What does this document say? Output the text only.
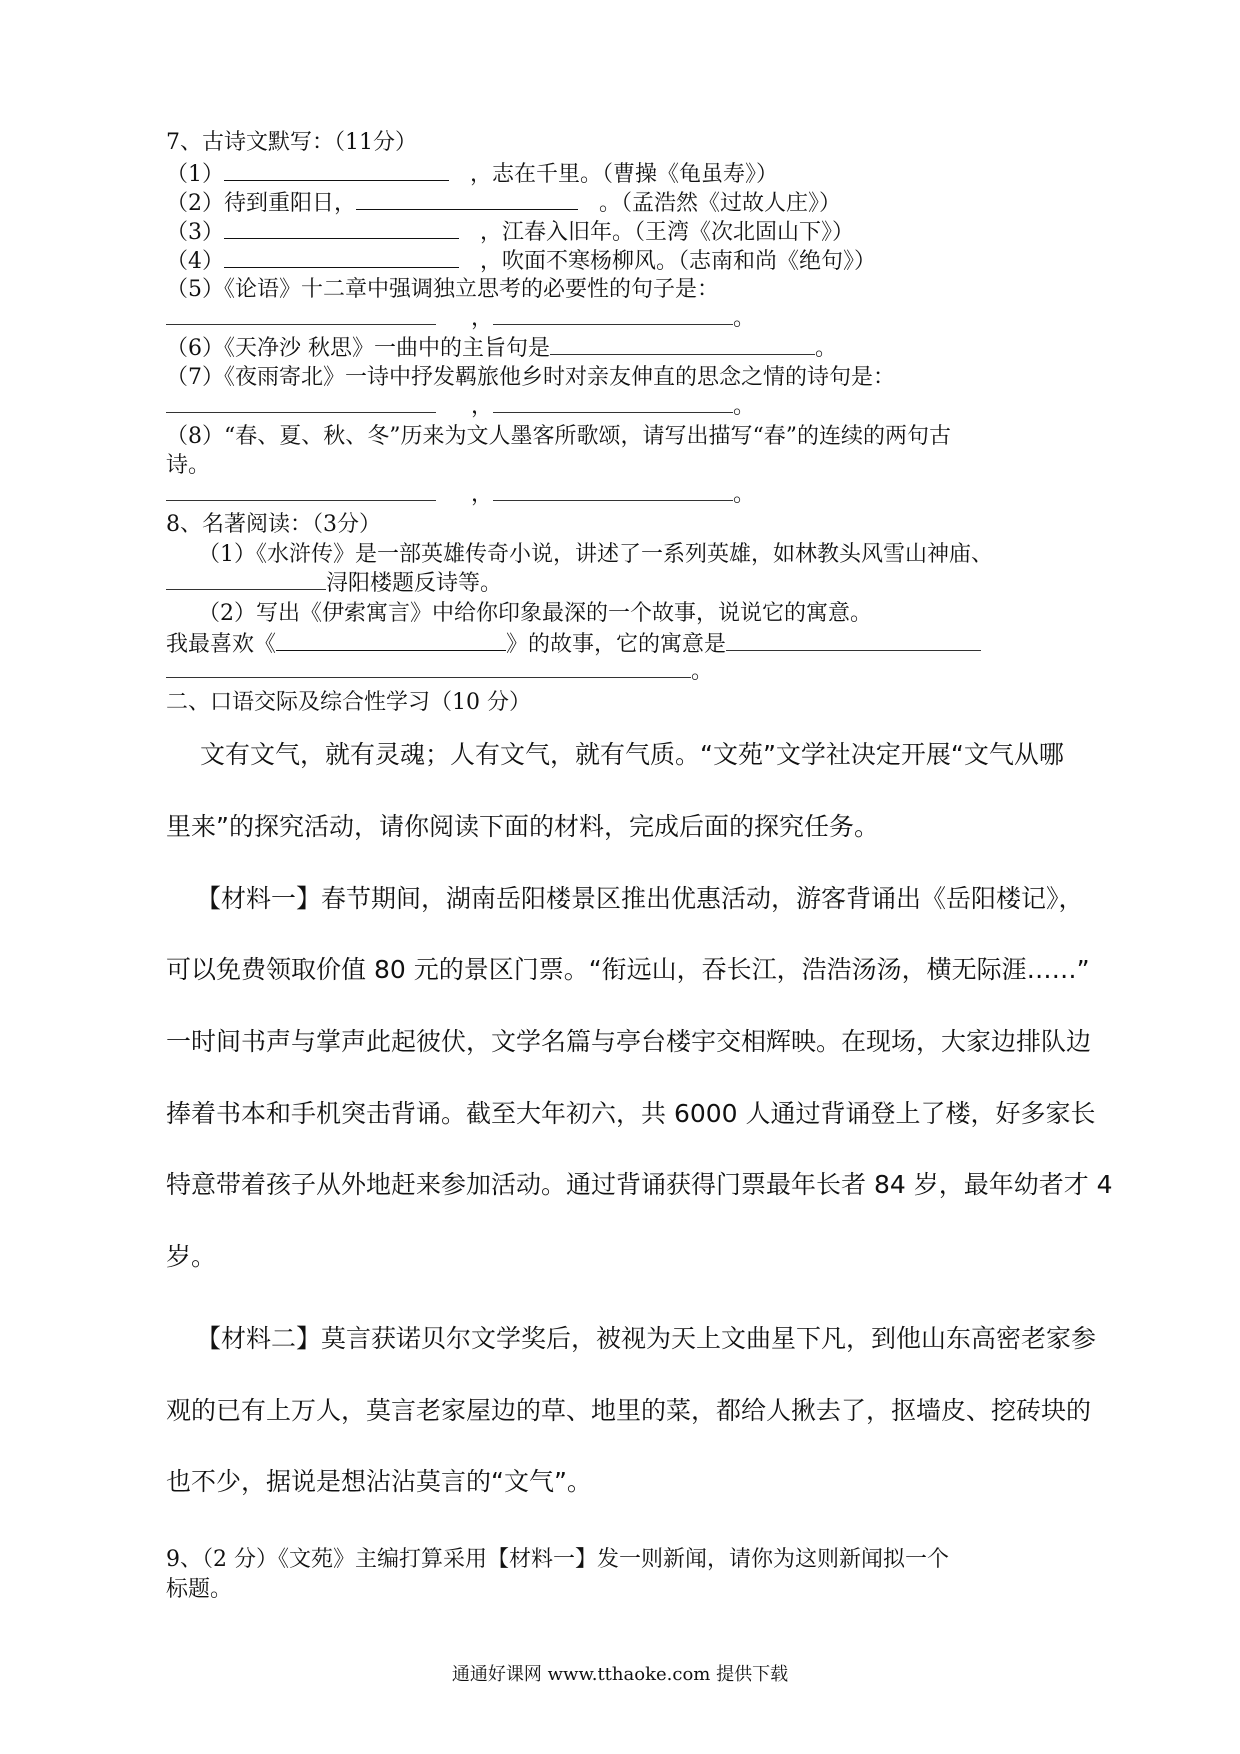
7、古诗文默写：（11分）
（1）	，志在千里。（曹操《龟虽寿》）
（2）待到重阳日，	。（孟浩然《过故人庄》）
（3）	，江春入旧年。（王湾《次北固山下》）
（4）	，吹面不寒杨柳风。（志南和尚《绝句》）
（5）《论语》十二章中强调独立思考的必要性的句子是：
，	。
（6）《天净沙 秋思》一曲中的主旨句是	。
（7）《夜雨寄北》一诗中抒发羁旅他乡时对亲友伸直的思念之情的诗句是：
，	。
（8）“春、夏、秋、冬”历来为文人墨客所歌颂，请写出描写“春”的连续的两句古
诗。
，	。
8、名著阅读：（3分）
（1）《水浒传》是一部英雄传奇小说，讲述了一系列英雄，如林教头风雪山神庙、
浔阳楼题反诗等。
（2）写出《伊索寓言》中给你印象最深的一个故事，说说它的寓意。
我最喜欢《	》的故事，它的寓意是
。
二、口语交际及综合性学习（10 分）
文有文气，就有灵魂；人有文气，就有气质。“文苑”文学社决定开展“文气从哪
里来”的探究活动，请你阅读下面的材料，完成后面的探究任务。
【材料一】春节期间，湖南岳阳楼景区推出优惠活动，游客背诵出《岳阳楼记》，
可以免费领取价值 80 元的景区门票。“衔远山，吞长江，浩浩汤汤，横无际涯……”
一时间书声与掌声此起彼伏，文学名篇与亭台楼宇交相辉映。在现场，大家边排队边
捧着书本和手机突击背诵。截至大年初六，共 6000 人通过背诵登上了楼，好多家长
特意带着孩子从外地赶来参加活动。通过背诵获得门票最年长者 84 岁，最年幼者才 4
岁。
【材料二】莫言获诺贝尔文学奖后，被视为天上文曲星下凡，到他山东高密老家参
观的已有上万人，莫言老家屋边的草、地里的菜，都给人揪去了，抠墙皮、挖砖块的
也不少，据说是想沾沾莫言的“文气”。
9、（2 分）《文苑》主编打算采用【材料一】发一则新闻，请你为这则新闻拟一个
标题。
通通好课网 www.tthaoke.com 提供下载
